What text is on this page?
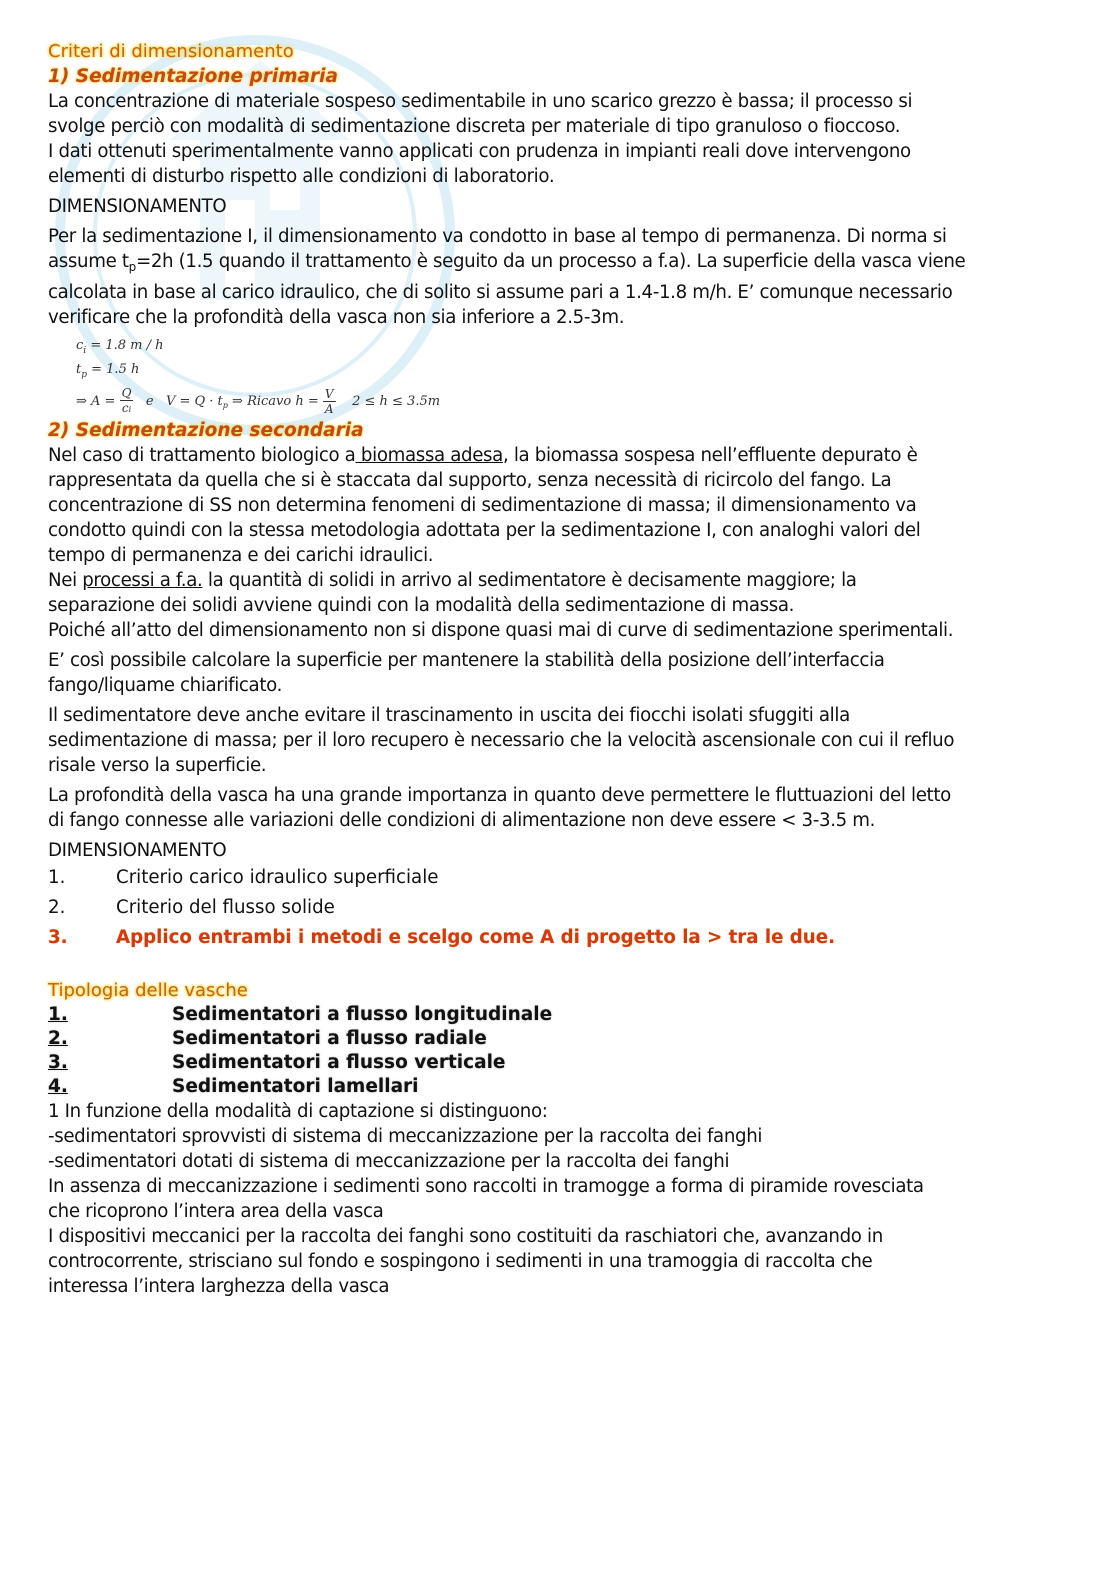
Criteri di dimensionamento
1) Sedimentazione primaria
La concentrazione di materiale sospeso sedimentabile in uno scarico grezzo è bassa; il processo si
svolge perciò con modalità di sedimentazione discreta per materiale di tipo granuloso o fioccoso.
I dati ottenuti sperimentalmente vanno applicati con prudenza in impianti reali dove intervengono
elementi di disturbo rispetto alle condizioni di laboratorio.
DIMENSIONAMENTO
Per la sedimentazione I, il dimensionamento va condotto in base al tempo di permanenza. Di norma si
assume $t_p=2h$ (1.5 quando il trattamento è seguito da un processo a f.a). La superficie della vasca viene
calcolata in base al carico idraulico, che di solito si assume pari a 1.4-1.8 m/h. E’ comunque necessario
verificare che la profondità della vasca non sia inferiore a 2.5-3m.
$c_i = 1.8$ m / h
$t_p = 1.5$ h
⇒ $A = \frac{Q}{ci}$ e $V = Q \cdot t_p$ ⇒ Ricavo $h = \frac{V}{A} 2 \le h \le 3.5m$
2) Sedimentazione secondaria
Nel caso di trattamento biologico a biomassa adesa, la biomassa sospesa nell’effluente depurato è
rappresentata da quella che si è staccata dal supporto, senza necessità di ricircolo del fango. La
concentrazione di SS non determina fenomeni di sedimentazione di massa; il dimensionamento va
condotto quindi con la stessa metodologia adottata per la sedimentazione I, con analoghi valori del
tempo di permanenza e dei carichi idraulici.
Nei processi a f.a. la quantità di solidi in arrivo al sedimentatore è decisamente maggiore; la
separazione dei solidi avviene quindi con la modalità della sedimentazione di massa.
Poiché all’atto del dimensionamento non si dispone quasi mai di curve di sedimentazione sperimentali.
E’ così possibile calcolare la superficie per mantenere la stabilità della posizione dell’interfaccia
fango/liquame chiarificato.
Il sedimentatore deve anche evitare il trascinamento in uscita dei fiocchi isolati sfuggiti alla
sedimentazione di massa; per il loro recupero è necessario che la velocità ascensionale con cui il refluo
risale verso la superficie.
La profondità della vasca ha una grande importanza in quanto deve permettere le fluttuazioni del letto
di fango connesse alle variazioni delle condizioni di alimentazione non deve essere < 3-3.5 m.
DIMENSIONAMENTO
1.	Criterio carico idraulico superficiale
2.	Criterio del flusso solide
3.	Applico entrambi i metodi e scelgo come A di progetto la > tra le due.
Tipologia delle vasche
1.	Sedimentatori a flusso longitudinale
2.	Sedimentatori a flusso radiale
3.	Sedimentatori a flusso verticale
4.	Sedimentatori lamellari
1 In funzione della modalità di captazione si distinguono:
-sedimentatori sprovvisti di sistema di meccanizzazione per la raccolta dei fanghi
-sedimentatori dotati di sistema di meccanizzazione per la raccolta dei fanghi
In assenza di meccanizzazione i sedimenti sono raccolti in tramogge a forma di piramide rovesciata
che ricoprono l’intera area della vasca
I dispositivi meccanici per la raccolta dei fanghi sono costituiti da raschiatori che, avanzando in
controcorrente, strisciano sul fondo e sospingono i sedimenti in una tramoggia di raccolta che
interessa l’intera larghezza della vasca
